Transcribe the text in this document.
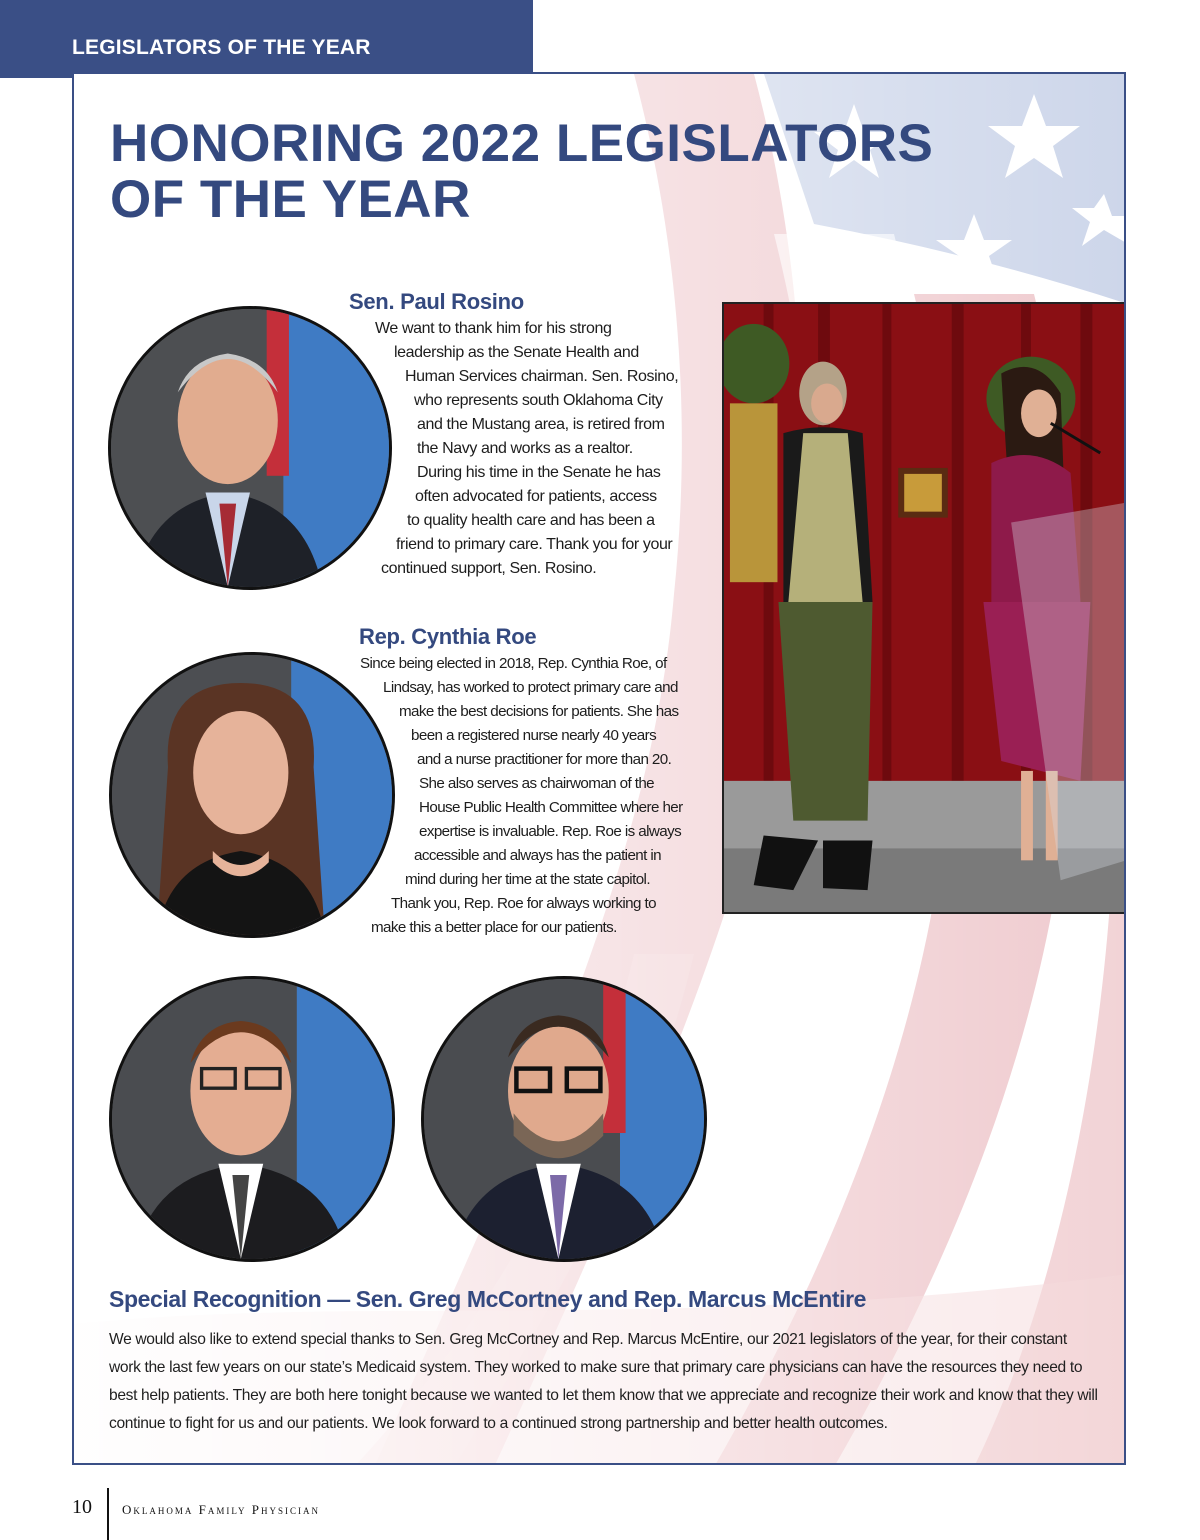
LEGISLATORS OF THE YEAR
HONORING 2022 LEGISLATORS
OF THE YEAR
Sen. Paul Rosino
We want to thank him for his strong
leadership as the Senate Health and
Human Services chairman. Sen. Rosino,
who represents south Oklahoma City
and the Mustang area, is retired from
the Navy and works as a realtor.
During his time in the Senate he has
often advocated for patients, access
to quality health care and has been a
friend to primary care. Thank you for your
continued support, Sen. Rosino.
Rep. Cynthia Roe
Since being elected in 2018, Rep. Cynthia Roe, of
Lindsay, has worked to protect primary care and
make the best decisions for patients. She has
been a registered nurse nearly 40 years
and a nurse practitioner for more than 20.
She also serves as chairwoman of the
House Public Health Committee where her
expertise is invaluable. Rep. Roe is always
accessible and always has the patient in
mind during her time at the state capitol.
Thank you, Rep. Roe for always working to
make this a better place for our patients.
Special Recognition — Sen. Greg McCortney and Rep. Marcus McEntire

We would also like to extend special thanks to Sen. Greg McCortney and Rep. Marcus McEntire, our 2021 legislators of the year, for their constant work the last few years on our state’s Medicaid system. They worked to make sure that primary care physicians can have the resources they need to best help patients. They are both here tonight because we wanted to let them know that we appreciate and recognize their work and know that they will continue to fight for us and our patients. We look forward to a continued strong partnership and better health outcomes.

10 Oklahoma Family Physician
